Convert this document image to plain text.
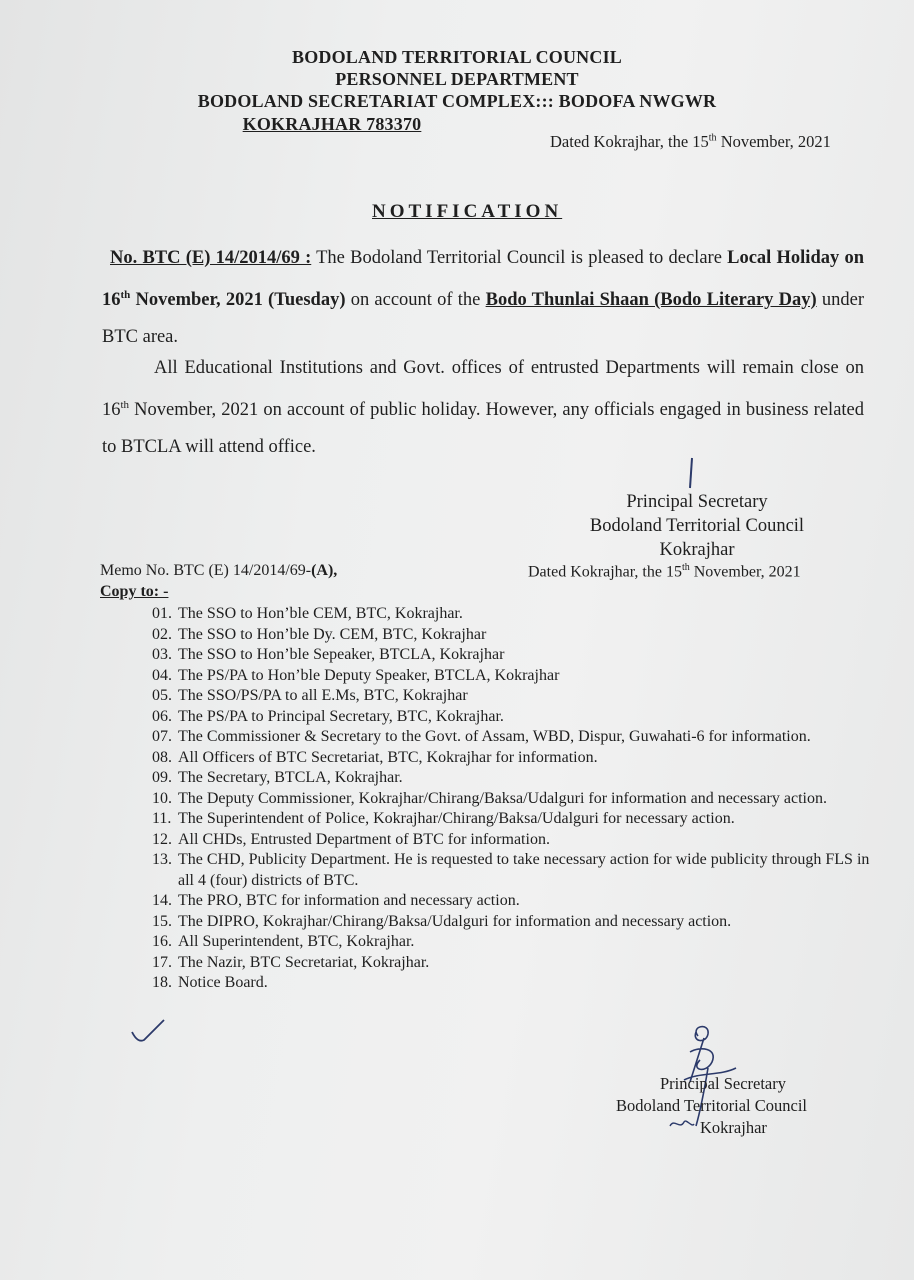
BODOLAND TERRITORIAL COUNCIL
PERSONNEL DEPARTMENT
BODOLAND SECRETARIAT COMPLEX::: BODOFA NWGWR
KOKRAJHAR 783370
Dated Kokrajhar, the 15th November, 2021
NOTIFICATION
No. BTC (E) 14/2014/69 : The Bodoland Territorial Council is pleased to declare Local Holiday on 16th November, 2021 (Tuesday) on account of the Bodo Thunlai Shaan (Bodo Literary Day) under BTC area.
All Educational Institutions and Govt. offices of entrusted Departments will remain close on 16th November, 2021 on account of public holiday. However, any officials engaged in business related to BTCLA will attend office.
Principal Secretary
Bodoland Territorial Council
Kokrajhar
Memo No. BTC (E) 14/2014/69-(A),	Dated Kokrajhar, the 15th November, 2021
Copy to: -
01. The SSO to Hon’ble CEM, BTC, Kokrajhar.
02. The SSO to Hon’ble Dy. CEM, BTC, Kokrajhar
03. The SSO to Hon’ble Sepeaker, BTCLA, Kokrajhar
04. The PS/PA to Hon’ble Deputy Speaker, BTCLA, Kokrajhar
05. The SSO/PS/PA to all E.Ms, BTC, Kokrajhar
06. The PS/PA to Principal Secretary, BTC, Kokrajhar.
07. The Commissioner & Secretary to the Govt. of Assam, WBD, Dispur, Guwahati-6 for information.
08. All Officers of BTC Secretariat, BTC, Kokrajhar for information.
09. The Secretary, BTCLA, Kokrajhar.
10. The Deputy Commissioner, Kokrajhar/Chirang/Baksa/Udalguri for information and necessary action.
11. The Superintendent of Police, Kokrajhar/Chirang/Baksa/Udalguri for necessary action.
12. All CHDs, Entrusted Department of BTC for information.
13. The CHD, Publicity Department. He is requested to take necessary action for wide publicity through FLS in all 4 (four) districts of BTC.
14. The PRO, BTC for information and necessary action.
15. The DIPRO, Kokrajhar/Chirang/Baksa/Udalguri for information and necessary action.
16. All Superintendent, BTC, Kokrajhar.
17. The Nazir, BTC Secretariat, Kokrajhar.
18. Notice Board.
Principal Secretary
Bodoland Territorial Council
Kokrajhar
